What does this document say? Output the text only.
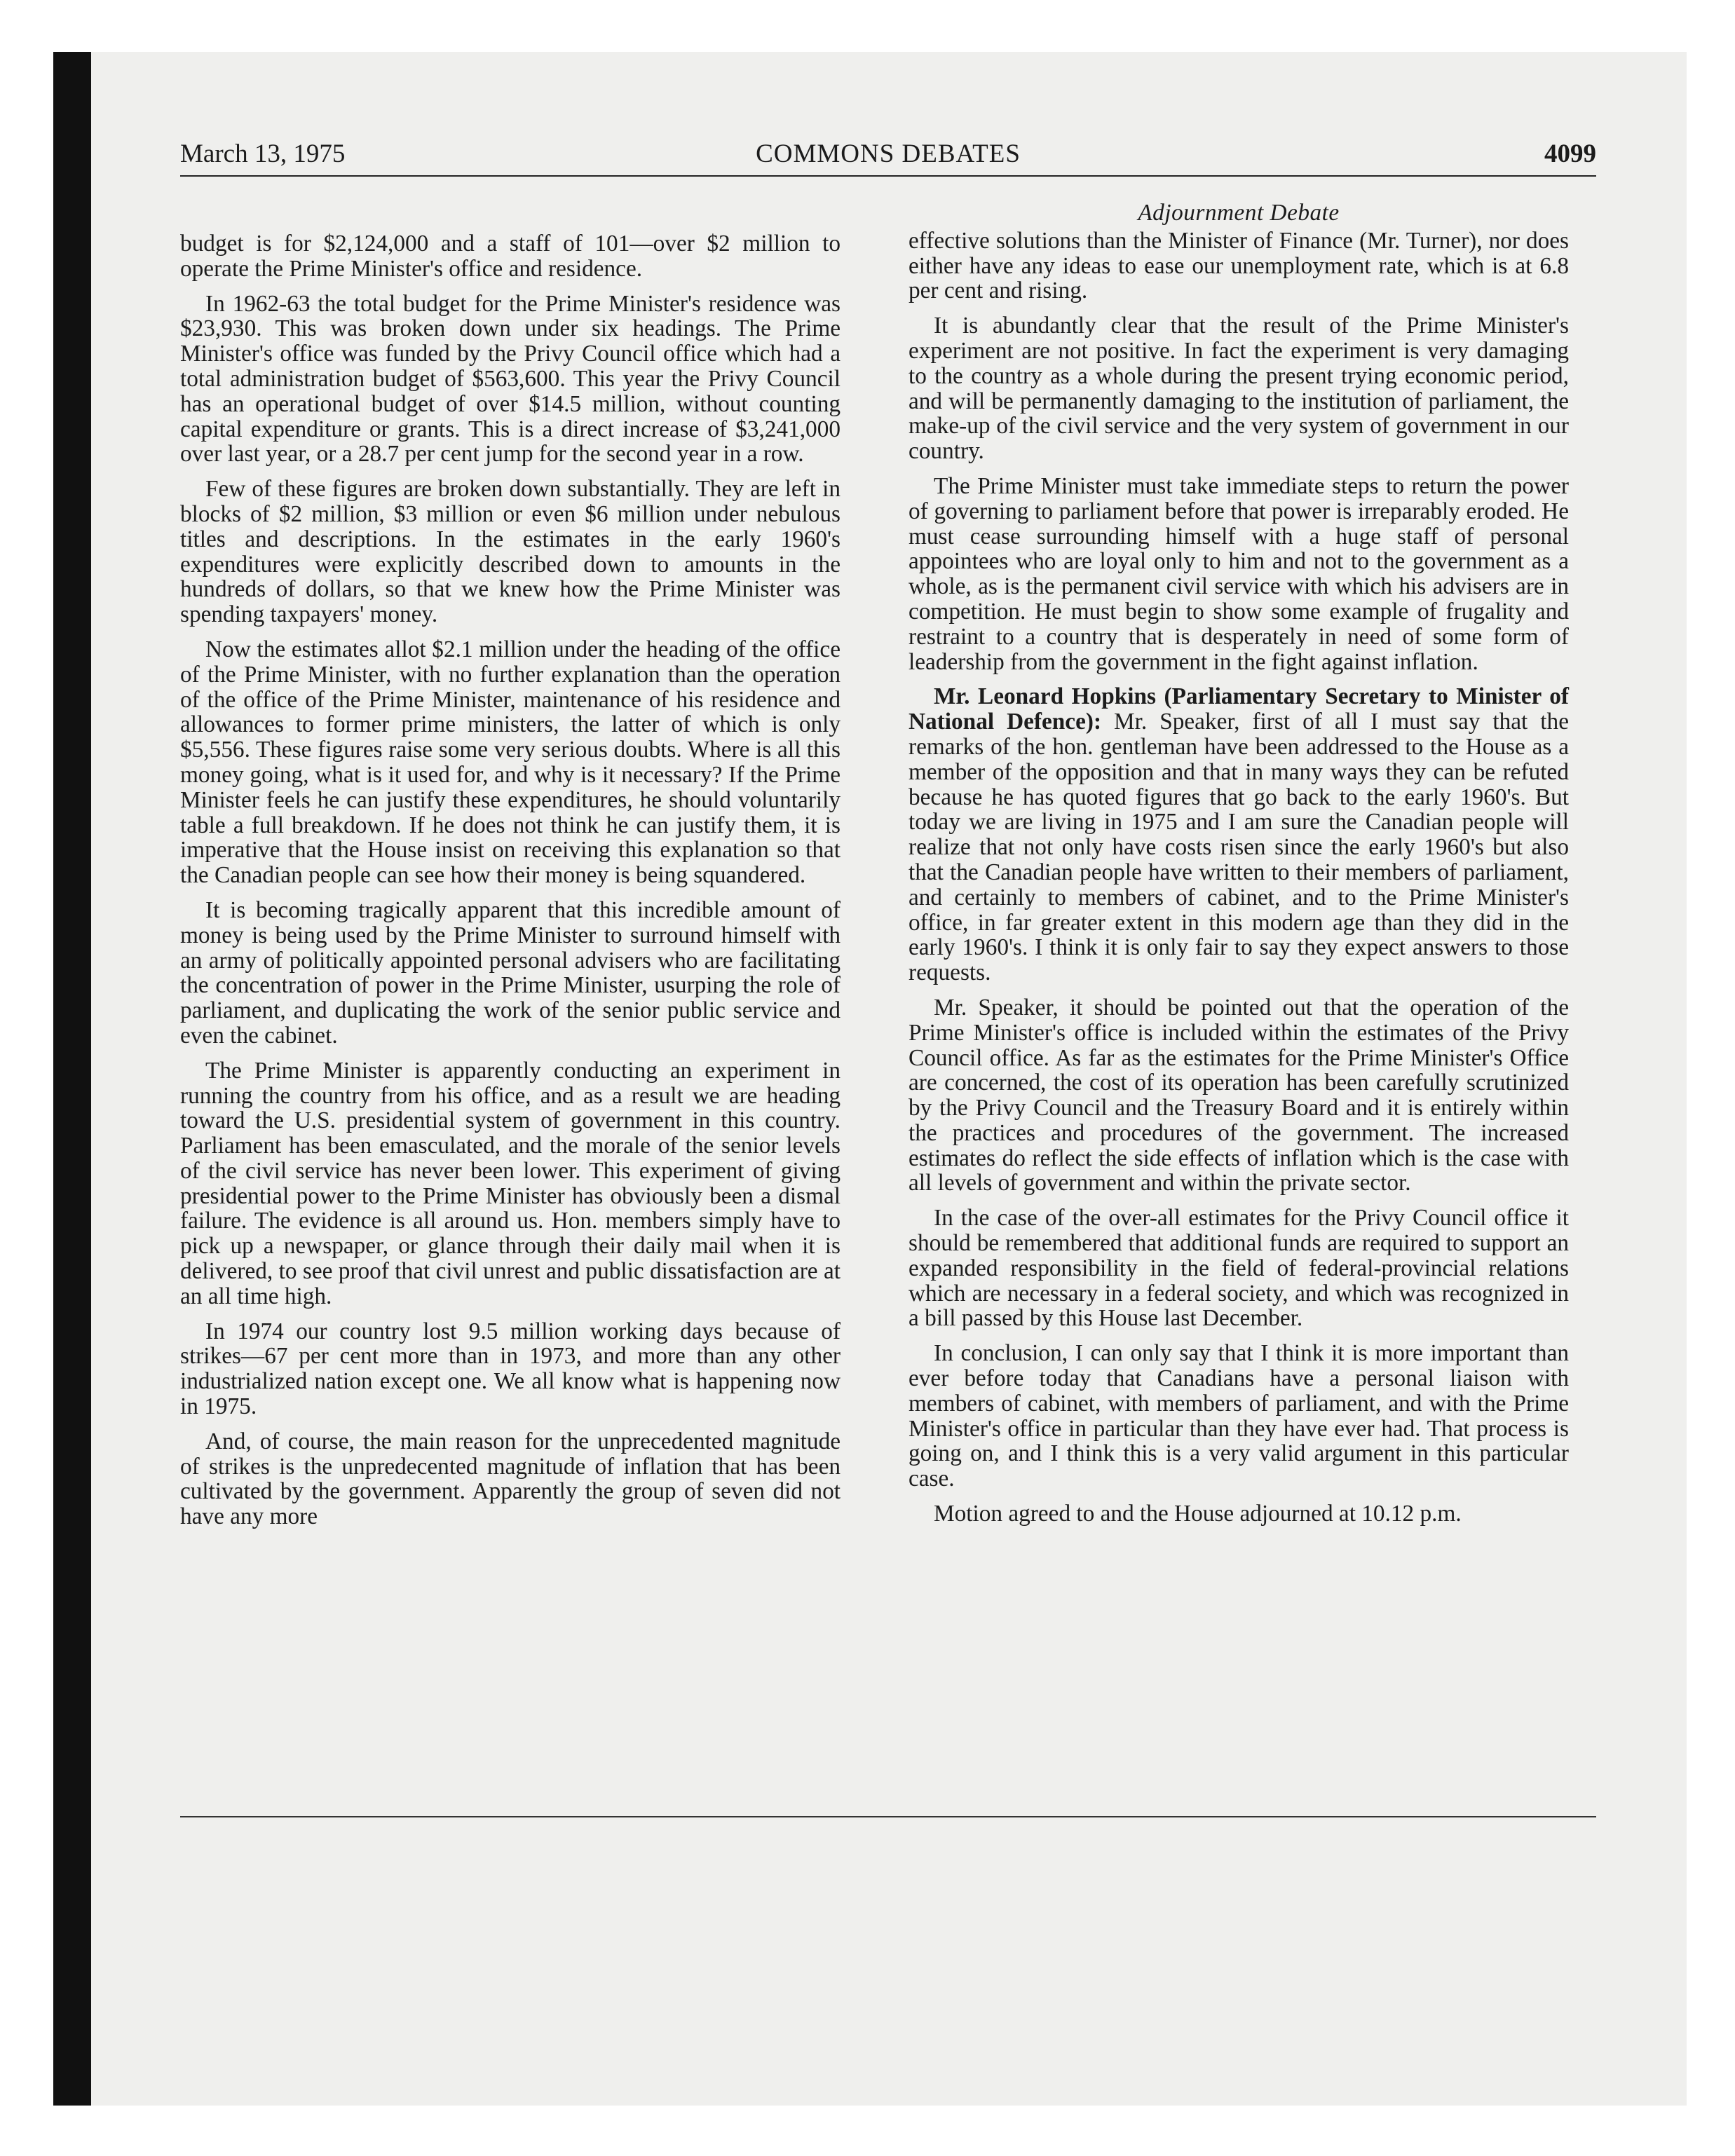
March 13, 1975	COMMONS DEBATES	4099

budget is for $2,124,000 and a staff of 101—over $2 million to operate the Prime Minister's office and residence.

In 1962-63 the total budget for the Prime Minister's residence was $23,930. This was broken down under six headings. The Prime Minister's office was funded by the Privy Council office which had a total administration budget of $563,600. This year the Privy Council has an operational budget of over $14.5 million, without counting capital expenditure or grants. This is a direct increase of $3,241,000 over last year, or a 28.7 per cent jump for the second year in a row.

Few of these figures are broken down substantially. They are left in blocks of $2 million, $3 million or even $6 million under nebulous titles and descriptions. In the estimates in the early 1960's expenditures were explicitly described down to amounts in the hundreds of dollars, so that we knew how the Prime Minister was spending taxpayers' money.

Now the estimates allot $2.1 million under the heading of the office of the Prime Minister, with no further explanation than the operation of the office of the Prime Minister, maintenance of his residence and allowances to former prime ministers, the latter of which is only $5,556. These figures raise some very serious doubts. Where is all this money going, what is it used for, and why is it necessary? If the Prime Minister feels he can justify these expenditures, he should voluntarily table a full breakdown. If he does not think he can justify them, it is imperative that the House insist on receiving this explanation so that the Canadian people can see how their money is being squandered.

It is becoming tragically apparent that this incredible amount of money is being used by the Prime Minister to surround himself with an army of politically appointed personal advisers who are facilitating the concentration of power in the Prime Minister, usurping the role of parliament, and duplicating the work of the senior public service and even the cabinet.

The Prime Minister is apparently conducting an experiment in running the country from his office, and as a result we are heading toward the U.S. presidential system of government in this country. Parliament has been emasculated, and the morale of the senior levels of the civil service has never been lower. This experiment of giving presidential power to the Prime Minister has obviously been a dismal failure. The evidence is all around us. Hon. members simply have to pick up a newspaper, or glance through their daily mail when it is delivered, to see proof that civil unrest and public dissatisfaction are at an all time high.

In 1974 our country lost 9.5 million working days because of strikes—67 per cent more than in 1973, and more than any other industrialized nation except one. We all know what is happening now in 1975.

And, of course, the main reason for the unprecedented magnitude of strikes is the unpredecented magnitude of inflation that has been cultivated by the government. Apparently the group of seven did not have any more

Adjournment Debate

effective solutions than the Minister of Finance (Mr. Turner), nor does either have any ideas to ease our unemployment rate, which is at 6.8 per cent and rising.

It is abundantly clear that the result of the Prime Minister's experiment are not positive. In fact the experiment is very damaging to the country as a whole during the present trying economic period, and will be permanently damaging to the institution of parliament, the make-up of the civil service and the very system of government in our country.

The Prime Minister must take immediate steps to return the power of governing to parliament before that power is irreparably eroded. He must cease surrounding himself with a huge staff of personal appointees who are loyal only to him and not to the government as a whole, as is the permanent civil service with which his advisers are in competition. He must begin to show some example of frugality and restraint to a country that is desperately in need of some form of leadership from the government in the fight against inflation.

Mr. Leonard Hopkins (Parliamentary Secretary to Minister of National Defence): Mr. Speaker, first of all I must say that the remarks of the hon. gentleman have been addressed to the House as a member of the opposition and that in many ways they can be refuted because he has quoted figures that go back to the early 1960's. But today we are living in 1975 and I am sure the Canadian people will realize that not only have costs risen since the early 1960's but also that the Canadian people have written to their members of parliament, and certainly to members of cabinet, and to the Prime Minister's office, in far greater extent in this modern age than they did in the early 1960's. I think it is only fair to say they expect answers to those requests.

Mr. Speaker, it should be pointed out that the operation of the Prime Minister's office is included within the estimates of the Privy Council office. As far as the estimates for the Prime Minister's Office are concerned, the cost of its operation has been carefully scrutinized by the Privy Council and the Treasury Board and it is entirely within the practices and procedures of the government. The increased estimates do reflect the side effects of inflation which is the case with all levels of government and within the private sector.

In the case of the over-all estimates for the Privy Council office it should be remembered that additional funds are required to support an expanded responsibility in the field of federal-provincial relations which are necessary in a federal society, and which was recognized in a bill passed by this House last December.

In conclusion, I can only say that I think it is more important than ever before today that Canadians have a personal liaison with members of cabinet, with members of parliament, and with the Prime Minister's office in particular than they have ever had. That process is going on, and I think this is a very valid argument in this particular case.

Motion agreed to and the House adjourned at 10.12 p.m.
